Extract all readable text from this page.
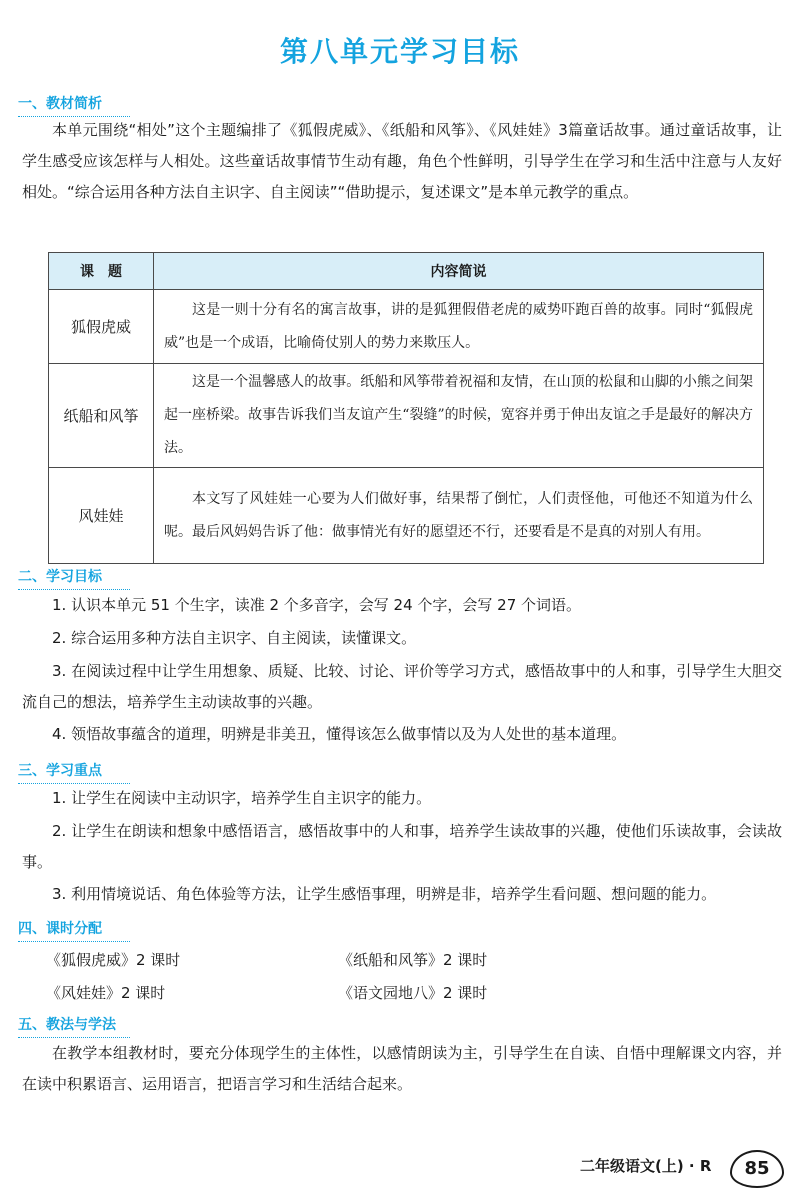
第八单元学习目标
一、教材简析

本单元围绕“相处”这个主题编排了《狐假虎威》、《纸船和风筝》、《风娃娃》3篇童话故事。通过童话故事，让学生感受应该怎样与人相处。这些童话故事情节生动有趣，角色个性鲜明，引导学生在学习和生活中注意与人友好相处。“综合运用各种方法自主识字、自主阅读”“借助提示，复述课文”是本单元教学的重点。

课　题	内容简说
狐假虎威	这是一则十分有名的寓言故事，讲的是狐狸假借老虎的威势吓跑百兽的故事。同时“狐假虎威”也是一个成语，比喻倚仗别人的势力来欺压人。
纸船和风筝	这是一个温馨感人的故事。纸船和风筝带着祝福和友情，在山顶的松鼠和山脚的小熊之间架起一座桥梁。故事告诉我们当友谊产生“裂缝”的时候，宽容并勇于伸出友谊之手是最好的解决方法。
风娃娃	本文写了风娃娃一心要为人们做好事，结果帮了倒忙，人们责怪他，可他还不知道为什么呢。最后风妈妈告诉了他：做事情光有好的愿望还不行，还要看是不是真的对别人有用。
二、学习目标

1. 认识本单元 51 个生字，读准 2 个多音字，会写 24 个字，会写 27 个词语。

2. 综合运用多种方法自主识字、自主阅读，读懂课文。

3. 在阅读过程中让学生用想象、质疑、比较、讨论、评价等学习方式，感悟故事中的人和事，引导学生大胆交流自己的想法，培养学生主动读故事的兴趣。

4. 领悟故事蕴含的道理，明辨是非美丑，懂得该怎么做事情以及为人处世的基本道理。

三、学习重点

1. 让学生在阅读中主动识字，培养学生自主识字的能力。

2. 让学生在朗读和想象中感悟语言，感悟故事中的人和事，培养学生读故事的兴趣，使他们乐读故事，会读故事。

3. 利用情境说话、角色体验等方法，让学生感悟事理，明辨是非，培养学生看问题、想问题的能力。

四、课时分配
《狐假虎威》2 课时	《纸船和风筝》2 课时
《风娃娃》2 课时	《语文园地八》2 课时
五、教法与学法

在教学本组教材时，要充分体现学生的主体性，以感情朗读为主，引导学生在自读、自悟中理解课文内容，并在读中积累语言、运用语言，把语言学习和生活结合起来。

二年级语文(上) · R	85
